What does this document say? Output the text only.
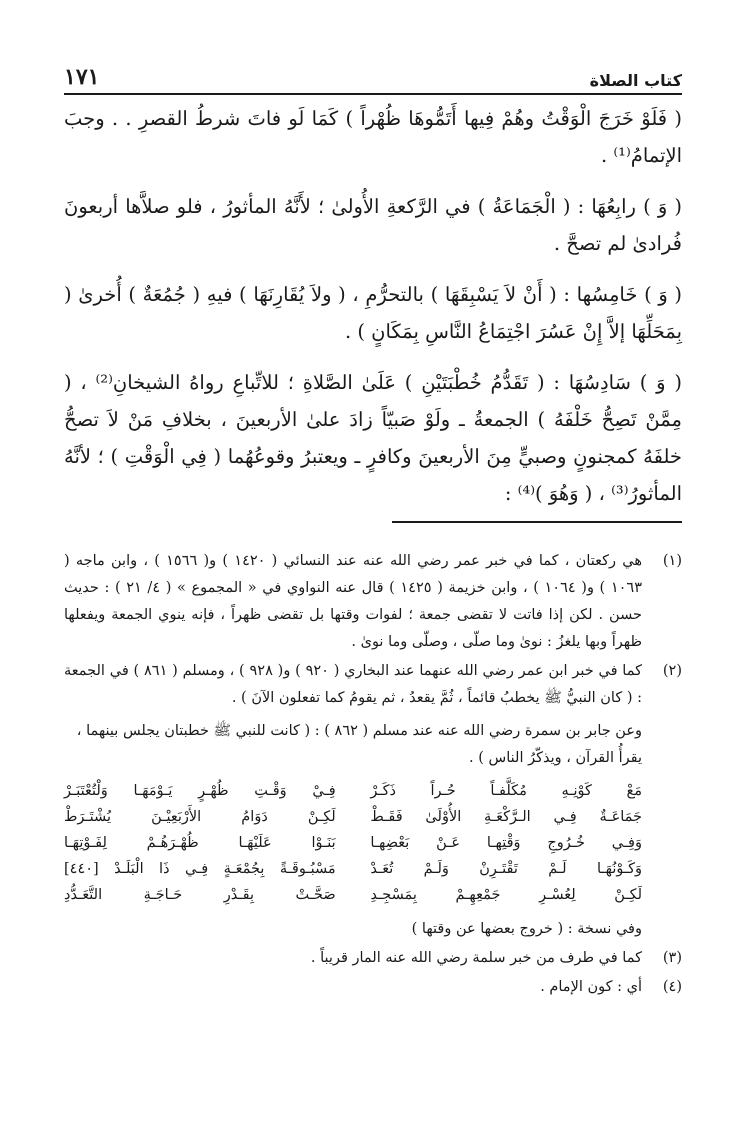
كتاب الصلاة
١٧١

( فَلَوْ خَرَجَ الْوَقْتُ وهُمْ فِيها أَتَمُّوهَا ظُهْراً ) كَمَا لَو فاتَ شرطُ القصرِ . . وجبَ الإتمامُ⁽¹⁾ .

( وَ ) رابِعُهَا : ( الْجَمَاعَةُ ) في الرَّكعةِ الأُولىٰ ؛ لأَنَّهُ المأثورُ ، فلو صلاَّها أربعونَ فُرادىٰ لم تصحَّ .

( وَ ) خَامِسُها : ( أَنْ لاَ يَسْبِقَهَا ) بالتحرُّمِ ، ( ولاَ يُقَارِنَهَا ) فيهِ ( جُمُعَةٌ ) أُخرىٰ ( بِمَحَلِّهَا إلاَّ إِنْ عَسُرَ اجْتِمَاعُ النَّاسِ بِمَكَانٍ ) .

( وَ ) سَادِسُهَا : ( تَقَدُّمُ خُطْبَتَيْنِ ) عَلَىٰ الصَّلاةِ ؛ للاتِّباعِ رواهُ الشيخانِ⁽²⁾ ، ( مِمَّنْ تَصِحُّ خَلْفَهُ ) الجمعةُ ـ ولَوْ صَبيّاً زادَ علىٰ الأربعينَ ، بخلافِ مَنْ لاَ تصحُّ خلفَهُ كمجنونٍ وصبيٍّ مِنَ الأربعينَ وكافرٍ ـ ويعتبرُ وقوعُهُما ( فِي الْوَقْتِ ) ؛ لأنَّهُ المأثورُ⁽³⁾ ، ( وَهُوَ )⁽⁴⁾ :

(١)
هي ركعتان ، كما في خبر عمر رضي الله عنه عند النسائي ( ١٤٢٠ ) و( ١٥٦٦ ) ، وابن ماجه ( ١٠٦٣ ) و( ١٠٦٤ ) ، وابن خزيمة ( ١٤٢٥ ) قال عنه النواوي في « المجموع » ( ٤/ ٢١ ) : حديث حسن . لكن إذا فاتت لا تقضى جمعة ؛ لفوات وقتها بل تقضى ظهراً ، فإنه ينوي الجمعة ويفعلها ظهراً وبها يلغزُ : نوىٰ وما صلّى ، وصلّى وما نوىٰ .
(٢)
كما في خبر ابن عمر رضي الله عنهما عند البخاري ( ٩٢٠ ) و( ٩٢٨ ) ، ومسلم ( ٨٦١ ) في الجمعة : ( كان النبيُّ ﷺ يخطبُ قائماً ، ثُمَّ يقعدُ ، ثم يقومُ كما تفعلون الآنَ ) .
وعن جابر بن سمرة رضي الله عنه عند مسلم ( ٨٦٢ ) : ( كانت للنبي ﷺ خطبتان يجلس بينهما ، يقرأُ القرآن ، ويذكّرُ الناس ) .
مَعْ كَوْنِـهِ مُكَلَّفـاً حُـراً ذَكَـرْ
فِـيْ وَقْـتِ ظُهْـرٍ يَـوْمَهَـا وَلْتُعْتَبَـرْ
جَمَاعَـةٌ فِـي الـرَّكْعَـةِ الأُوْلَىٰ فَقَـطْ
لَكِـنْ دَوَامُ الأَرْبَعِيْـنَ يُشْتَـرَطْ
وَفِـي خُـرُوجِ وَقْتِهـا عَـنْ بَعْضِهـا
بَنَـوْا عَلَيْهَـا ظُهْـرَهُـمْ لِفَـوْتِهَـا
وَكَـوْنُهَـا لَـمْ تَقْتَـرِنْ وَلَـمْ تُعَـدْ
مَسْبُـوقَـةً بِجُمْعَـةٍ فِـي ذَا الْبَلَـدْ [٤٤٠]
لَكِـنْ لِعُسْـرِ جَمْعِهِـمْ بِمَسْجِـدِ
صَحَّـتْ بِقَـدْرِ حَـاجَـةِ التَّعَـدُّدِ
وفي نسخة : ( خروج بعضها عن وقتها )
(٣)
كما في طرف من خبر سلمة رضي الله عنه المار قريباً .
(٤)
أي : كون الإمام .
